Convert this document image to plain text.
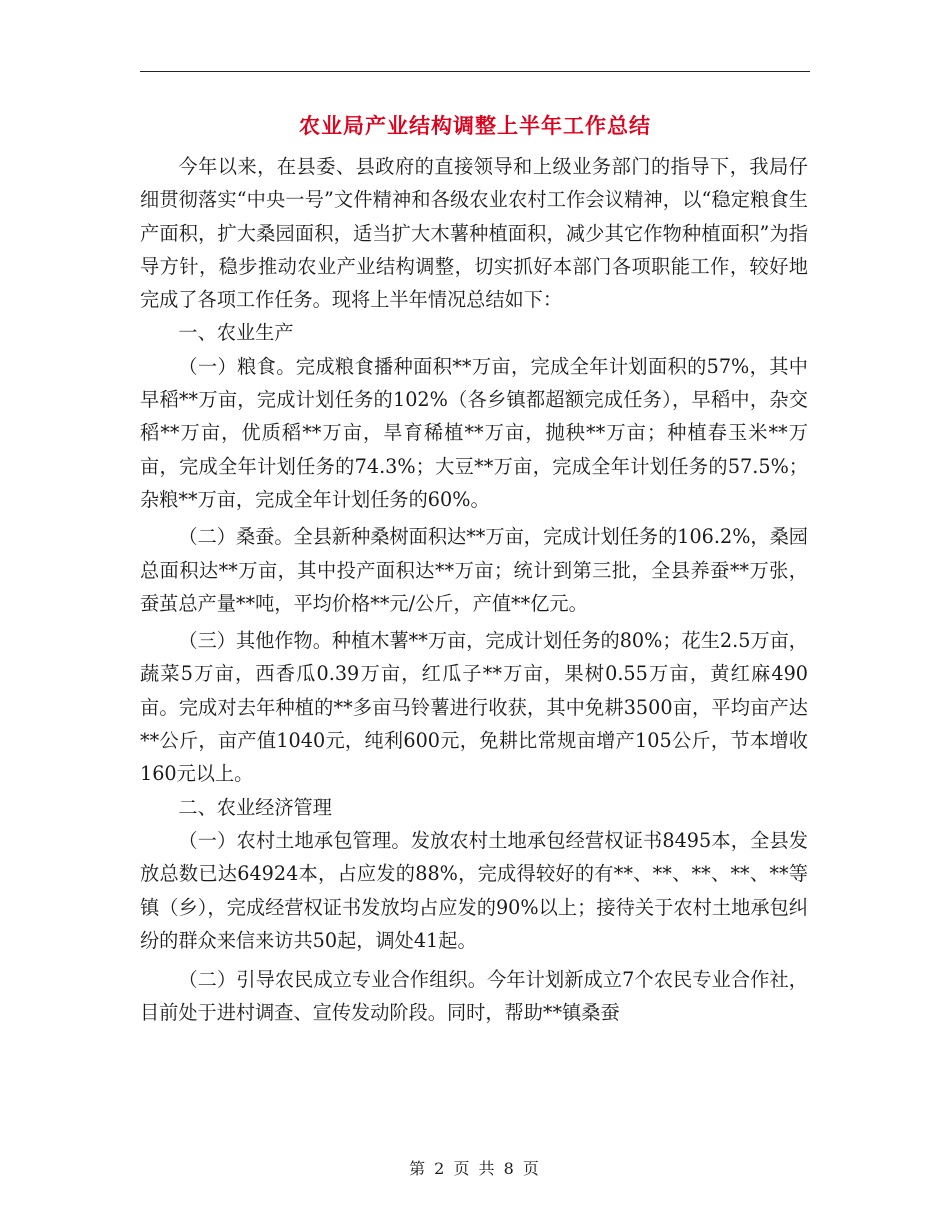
农业局产业结构调整上半年工作总结

今年以来，在县委、县政府的直接领导和上级业务部门的指导下，我局仔细贯彻落实“中央一号”文件精神和各级农业农村工作会议精神，以“稳定粮食生产面积，扩大桑园面积，适当扩大木薯种植面积，减少其它作物种植面积”为指导方针，稳步推动农业产业结构调整，切实抓好本部门各项职能工作，较好地完成了各项工作任务。现将上半年情况总结如下：

一、农业生产

（一）粮食。完成粮食播种面积**万亩，完成全年计划面积的57%，其中早稻**万亩，完成计划任务的102%（各乡镇都超额完成任务），早稻中，杂交稻**万亩，优质稻**万亩，旱育稀植**万亩，抛秧**万亩；种植春玉米**万亩，完成全年计划任务的74.3%；大豆**万亩，完成全年计划任务的57.5%；杂粮**万亩，完成全年计划任务的60%。

（二）桑蚕。全县新种桑树面积达**万亩，完成计划任务的106.2%，桑园总面积达**万亩，其中投产面积达**万亩；统计到第三批，全县养蚕**万张，蚕茧总产量**吨，平均价格**元/公斤，产值**亿元。

（三）其他作物。种植木薯**万亩，完成计划任务的80%；花生2.5万亩，蔬菜5万亩，西香瓜0.39万亩，红瓜子**万亩，果树0.55万亩，黄红麻490亩。完成对去年种植的**多亩马铃薯进行收获，其中免耕3500亩，平均亩产达**公斤，亩产值1040元，纯利600元，免耕比常规亩增产105公斤，节本增收160元以上。

二、农业经济管理

（一）农村土地承包管理。发放农村土地承包经营权证书8495本，全县发放总数已达64924本，占应发的88%，完成得较好的有**、**、**、**、**等镇（乡），完成经营权证书发放均占应发的90%以上；接待关于农村土地承包纠纷的群众来信来访共50起，调处41起。

（二）引导农民成立专业合作组织。今年计划新成立7个农民专业合作社，目前处于进村调查、宣传发动阶段。同时，帮助**镇桑蚕

第 2 页 共 8 页
